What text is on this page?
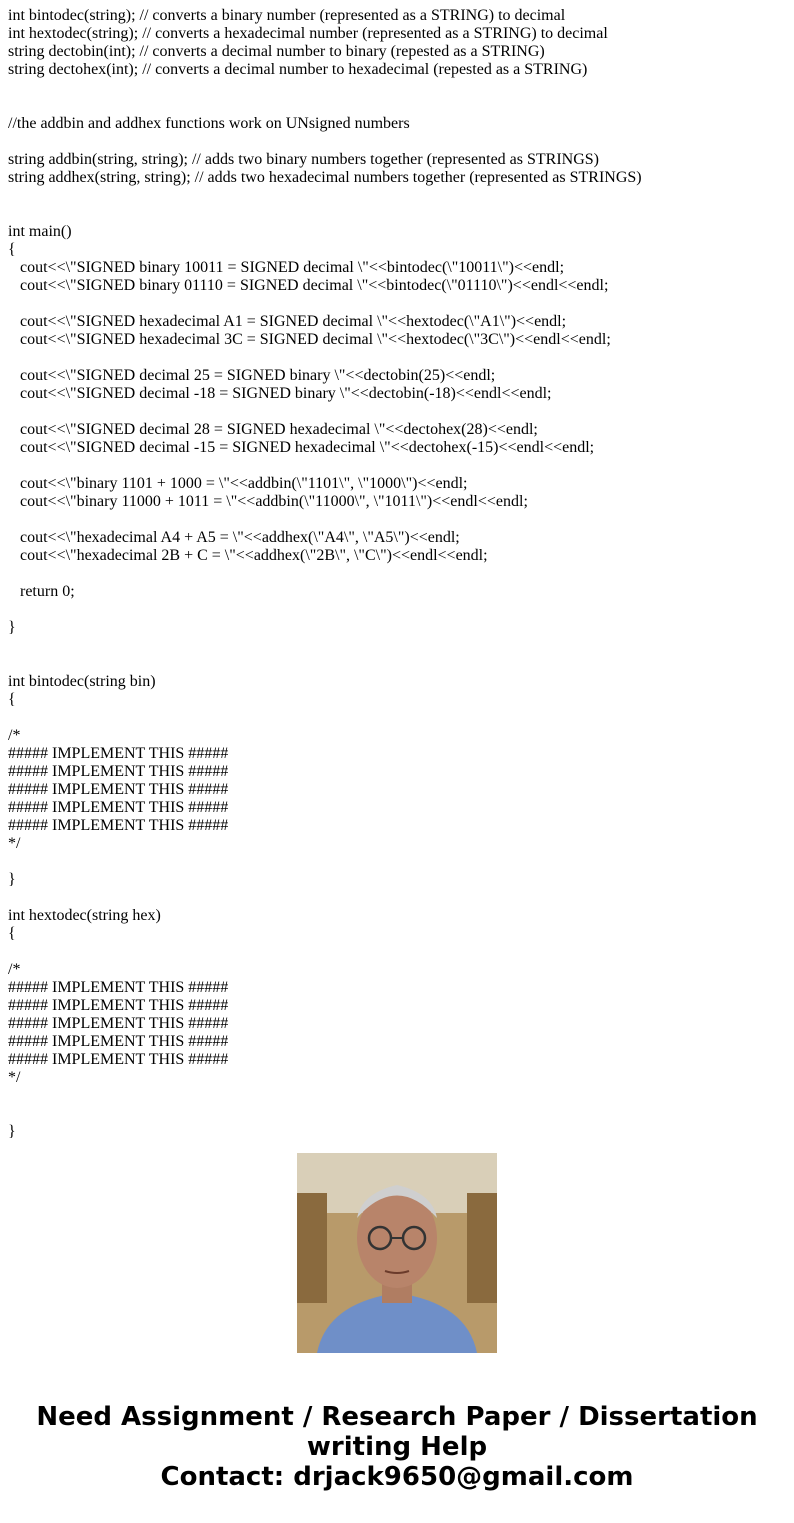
int bintodec(string); // converts a binary number (represented as a STRING) to decimal
int hextodec(string); // converts a hexadecimal number (represented as a STRING) to decimal
string dectobin(int); // converts a decimal number to binary (repested as a STRING)
string dectohex(int); // converts a decimal number to hexadecimal (repested as a STRING)
//the addbin and addhex functions work on UNsigned numbers
string addbin(string, string); // adds two binary numbers together (represented as STRINGS)
string addhex(string, string); // adds two hexadecimal numbers together (represented as STRINGS)
int main()
{
cout<<\"SIGNED binary 10011 = SIGNED decimal \"<<bintodec(\"10011\")<<endl;
cout<<\"SIGNED binary 01110 = SIGNED decimal \"<<bintodec(\"01110\")<<endl<<endl;
cout<<\"SIGNED hexadecimal A1 = SIGNED decimal \"<<hextodec(\"A1\")<<endl;
cout<<\"SIGNED hexadecimal 3C = SIGNED decimal \"<<hextodec(\"3C\")<<endl<<endl;
cout<<\"SIGNED decimal 25 = SIGNED binary \"<<dectobin(25)<<endl;
cout<<\"SIGNED decimal -18 = SIGNED binary \"<<dectobin(-18)<<endl<<endl;
cout<<\"SIGNED decimal 28 = SIGNED hexadecimal \"<<dectohex(28)<<endl;
cout<<\"SIGNED decimal -15 = SIGNED hexadecimal \"<<dectohex(-15)<<endl<<endl;
cout<<\"binary 1101 + 1000 = \"<<addbin(\"1101\", \"1000\")<<endl;
cout<<\"binary 11000 + 1011 = \"<<addbin(\"11000\", \"1011\")<<endl<<endl;
cout<<\"hexadecimal A4 + A5 = \"<<addhex(\"A4\", \"A5\")<<endl;
cout<<\"hexadecimal 2B + C = \"<<addhex(\"2B\", \"C\")<<endl<<endl;
return 0;
}
int bintodec(string bin)
{
/*
##### IMPLEMENT THIS #####
##### IMPLEMENT THIS #####
##### IMPLEMENT THIS #####
##### IMPLEMENT THIS #####
##### IMPLEMENT THIS #####
*/
}
int hextodec(string hex)
{
/*
##### IMPLEMENT THIS #####
##### IMPLEMENT THIS #####
##### IMPLEMENT THIS #####
##### IMPLEMENT THIS #####
##### IMPLEMENT THIS #####
*/
}
Need Assignment / Research Paper / Dissertation
writing Help
Contact: drjack9650@gmail.com
